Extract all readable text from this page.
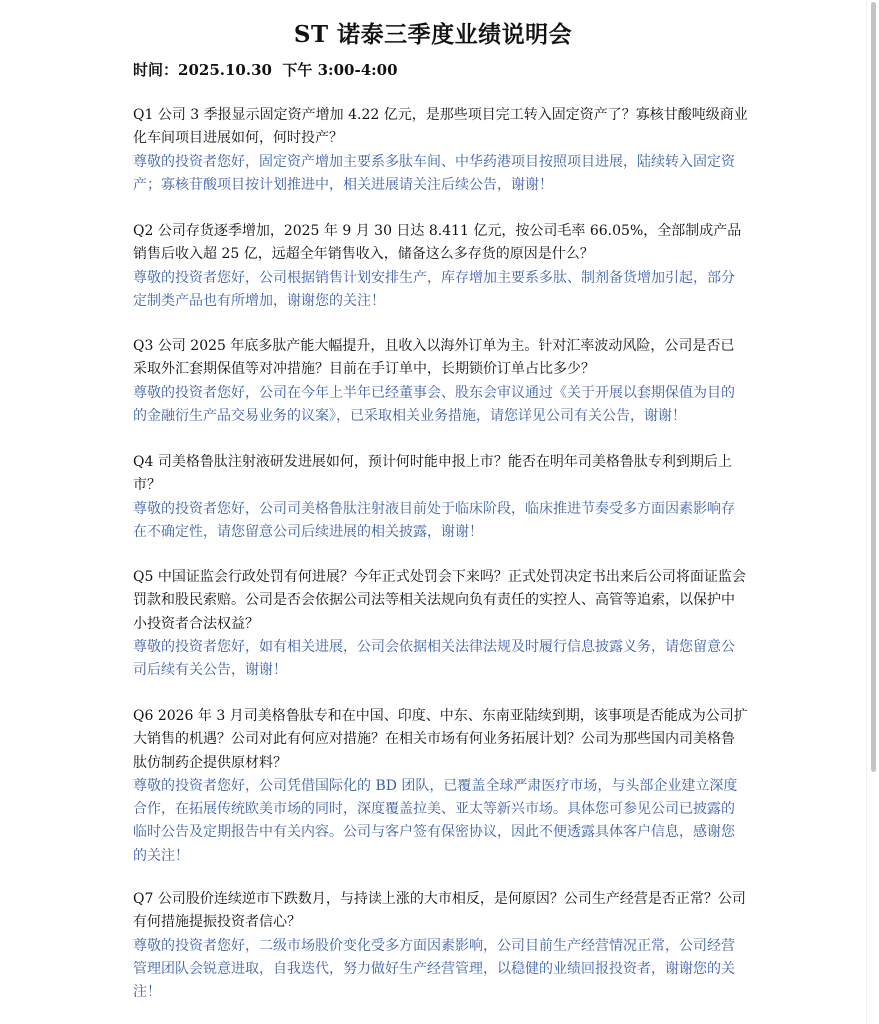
ST 诺泰三季度业绩说明会
时间：2025.10.30  下午 3:00-4:00

Q1 公司 3 季报显示固定资产增加 4.22 亿元，是那些项目完工转入固定资产了？寡核甘酸吨级商业化车间项目进展如何，何时投产？

尊敬的投资者您好，固定资产增加主要系多肽车间、中华药港项目按照项目进展，陆续转入固定资产；寡核苷酸项目按计划推进中，相关进展请关注后续公告，谢谢！

Q2 公司存货逐季增加，2025 年 9 月 30 日达 8.411 亿元，按公司毛率 66.05%，全部制成产品销售后收入超 25 亿，远超全年销售收入，储备这么多存货的原因是什么？

尊敬的投资者您好，公司根据销售计划安排生产，库存增加主要系多肽、制剂备货增加引起，部分定制类产品也有所增加，谢谢您的关注！

Q3 公司 2025 年底多肽产能大幅提升，且收入以海外订单为主。针对汇率波动风险，公司是否已采取外汇套期保值等对冲措施？目前在手订单中，长期锁价订单占比多少？

尊敬的投资者您好，公司在今年上半年已经董事会、股东会审议通过《关于开展以套期保值为目的的金融衍生产品交易业务的议案》，已采取相关业务措施，请您详见公司有关公告，谢谢！

Q4 司美格鲁肽注射液研发进展如何，预计何时能申报上市？能否在明年司美格鲁肽专利到期后上市？

尊敬的投资者您好，公司司美格鲁肽注射液目前处于临床阶段，临床推进节奏受多方面因素影响存在不确定性，请您留意公司后续进展的相关披露，谢谢！

Q5 中国证监会行政处罚有何进展？今年正式处罚会下来吗？正式处罚决定书出来后公司将面证监会罚款和股民索赔。公司是否会依据公司法等相关法规向负有责任的实控人、高管等追索，以保护中小投资者合法权益？

尊敬的投资者您好，如有相关进展，公司会依据相关法律法规及时履行信息披露义务，请您留意公司后续有关公告，谢谢！

Q6 2026 年 3 月司美格鲁肽专和在中国、印度、中东、东南亚陆续到期，该事项是否能成为公司扩大销售的机遇？公司对此有何应对措施？在相关市场有何业务拓展计划？公司为那些国内司美格鲁肽仿制药企提供原材料？

尊敬的投资者您好，公司凭借国际化的 BD 团队，已覆盖全球严肃医疗市场，与头部企业建立深度合作，在拓展传统欧美市场的同时，深度覆盖拉美、亚太等新兴市场。具体您可参见公司已披露的临时公告及定期报告中有关内容。公司与客户签有保密协议，因此不便透露具体客户信息，感谢您的关注！

Q7 公司股价连续逆市下跌数月，与持读上涨的大市相反，是何原因？公司生产经营是否正常？公司有何措施提振投资者信心？

尊敬的投资者您好，二级市场股价变化受多方面因素影响，公司目前生产经营情况正常，公司经营管理团队会锐意进取，自我迭代，努力做好生产经营管理，以稳健的业绩回报投资者，谢谢您的关注！
